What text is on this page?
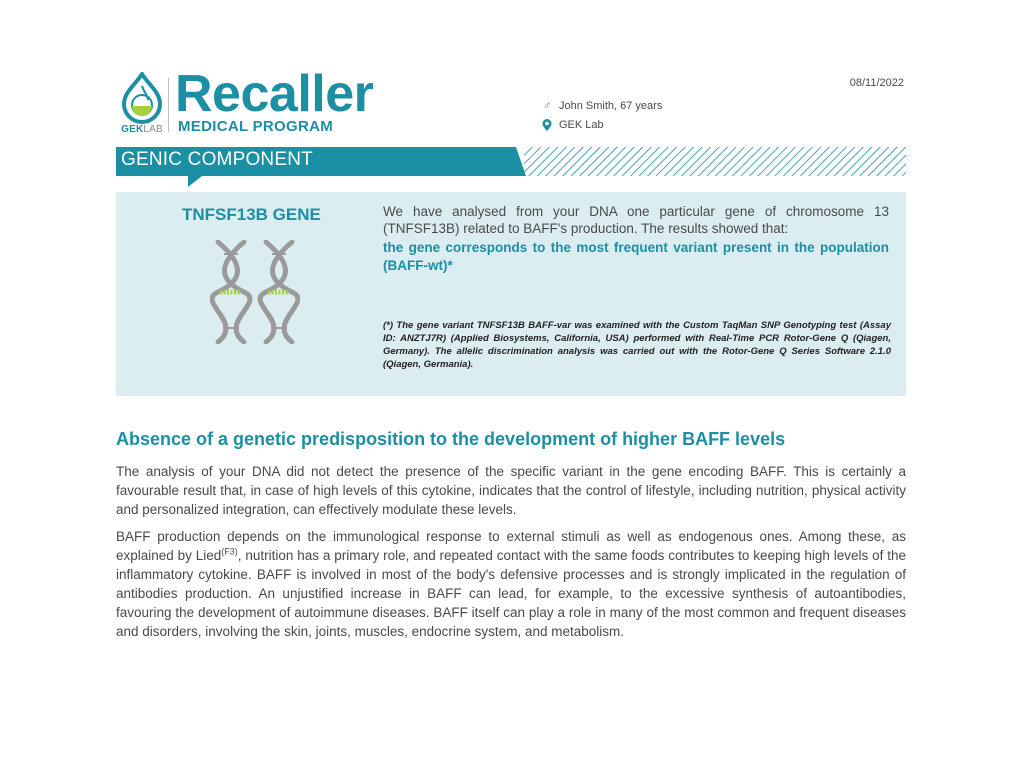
GEKLAB
Recaller
MEDICAL PROGRAM
♂ John Smith, 67 years
GEK Lab
08/11/2022
GENIC COMPONENT
TNFSF13B GENE	We have analysed from your DNA one particular gene of chromosome 13 (TNFSF13B) related to BAFF's production. The results showed that:
the gene corresponds to the most frequent variant present in the population (BAFF-wt)*
(*) The gene variant TNFSF13B BAFF-var was examined with the Custom TaqMan SNP Genotyping test (Assay ID: ANZTJ7R) (Applied Biosystems, California, USA) performed with Real-Time PCR Rotor-Gene Q (Qiagen, Germany). The allelic discrimination analysis was carried out with the Rotor-Gene Q Series Software 2.1.0 (Qiagen, Germania).
Absence of a genetic predisposition to the development of higher BAFF levels
The analysis of your DNA did not detect the presence of the specific variant in the gene encoding BAFF. This is certainly a favourable result that, in case of high levels of this cytokine, indicates that the control of lifestyle, including nutrition, physical activity and personalized integration, can effectively modulate these levels.
BAFF production depends on the immunological response to external stimuli as well as endogenous ones. Among these, as explained by Lied$^{(F3)}$, nutrition has a primary role, and repeated contact with the same foods contributes to keeping high levels of the inflammatory cytokine. BAFF is involved in most of the body's defensive processes and is strongly implicated in the regulation of antibodies production. An unjustified increase in BAFF can lead, for example, to the excessive synthesis of autoantibodies, favouring the development of autoimmune diseases. BAFF itself can play a role in many of the most common and frequent diseases and disorders, involving the skin, joints, muscles, endocrine system, and metabolism.
